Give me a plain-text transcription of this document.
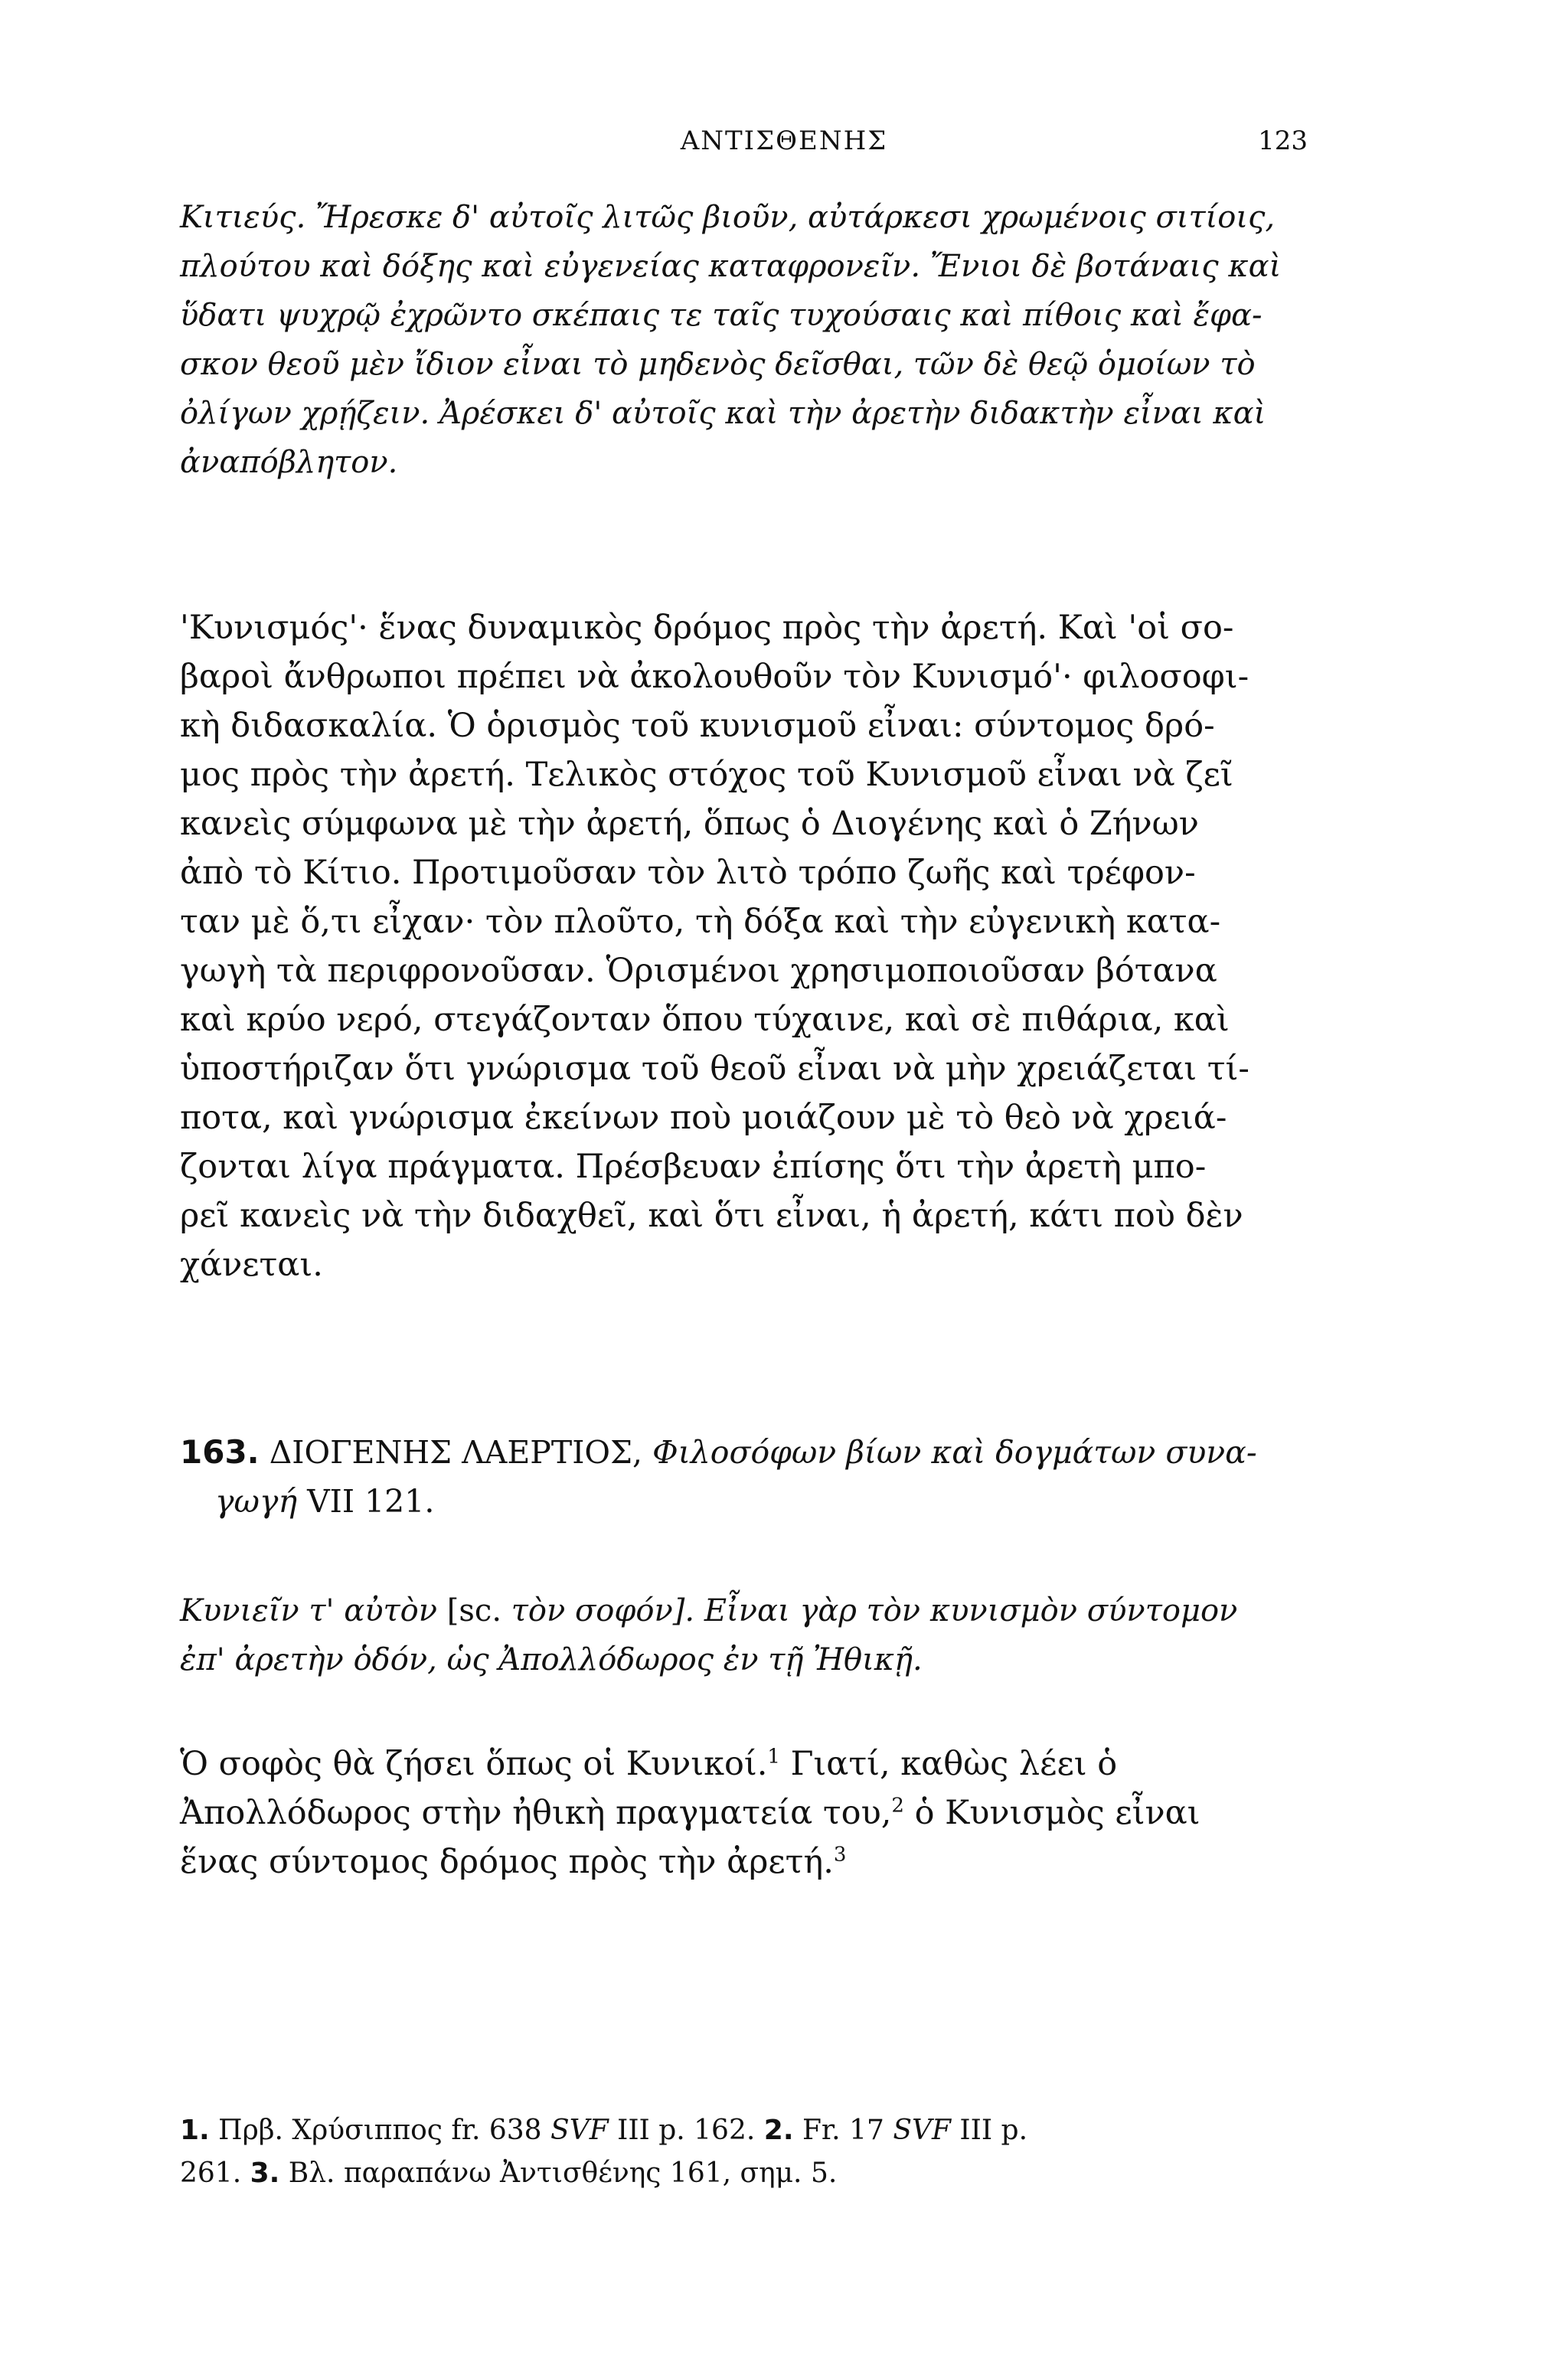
ΑΝΤΙΣΘΕΝΗΣ	123
Κιτιεύς. Ἤρεσκε δ' αὐτοῖς λιτῶς βιοῦν, αὐτάρκεσι χρωμένοις σιτίοις,
πλούτου καὶ δόξης καὶ εὐγενείας καταφρονεῖν. Ἔνιοι δὲ βοτάναις καὶ
ὕδατι ψυχρῷ ἐχρῶντο σκέπαις τε ταῖς τυχούσαις καὶ πίθοις καὶ ἔφα-
σκον θεοῦ μὲν ἴδιον εἶναι τὸ μηδενὸς δεῖσθαι, τῶν δὲ θεῷ ὁμοίων τὸ
ὀλίγων χρῄζειν. Ἀρέσκει δ' αὐτοῖς καὶ τὴν ἀρετὴν διδακτὴν εἶναι καὶ
ἀναπόβλητον.
'Κυνισμός'· ἕνας δυναμικὸς δρόμος πρὸς τὴν ἀρετή. Καὶ 'οἱ σο-
βαροὶ ἄνθρωποι πρέπει νὰ ἀκολουθοῦν τὸν Κυνισμό'· φιλοσοφι-
κὴ διδασκαλία. Ὁ ὁρισμὸς τοῦ κυνισμοῦ εἶναι: σύντομος δρό-
μος πρὸς τὴν ἀρετή. Τελικὸς στόχος τοῦ Κυνισμοῦ εἶναι νὰ ζεῖ
κανεὶς σύμφωνα μὲ τὴν ἀρετή, ὅπως ὁ Διογένης καὶ ὁ Ζήνων
ἀπὸ τὸ Κίτιο. Προτιμοῦσαν τὸν λιτὸ τρόπο ζωῆς καὶ τρέφον-
ταν μὲ ὅ,τι εἶχαν· τὸν πλοῦτο, τὴ δόξα καὶ τὴν εὐγενικὴ κατα-
γωγὴ τὰ περιφρονοῦσαν. Ὁρισμένοι χρησιμοποιοῦσαν βότανα
καὶ κρύο νερό, στεγάζονταν ὅπου τύχαινε, καὶ σὲ πιθάρια, καὶ
ὑποστήριζαν ὅτι γνώρισμα τοῦ θεοῦ εἶναι νὰ μὴν χρειάζεται τί-
ποτα, καὶ γνώρισμα ἐκείνων ποὺ μοιάζουν μὲ τὸ θεὸ νὰ χρειά-
ζονται λίγα πράγματα. Πρέσβευαν ἐπίσης ὅτι τὴν ἀρετὴ μπο-
ρεῖ κανεὶς νὰ τὴν διδαχθεῖ, καὶ ὅτι εἶναι, ἡ ἀρετή, κάτι ποὺ δὲν
χάνεται.
163. ΔΙΟΓΕΝΗΣ ΛΑΕΡΤΙΟΣ, Φιλοσόφων βίων καὶ δογμάτων συνα-
γωγή VII 121.
Κυνιεῖν τ' αὐτὸν [sc. τὸν σοφόν]. Εἶναι γὰρ τὸν κυνισμὸν σύντομον
ἐπ' ἀρετὴν ὁδόν, ὡς Ἀπολλόδωρος ἐν τῇ Ἠθικῇ.
Ὁ σοφὸς θὰ ζήσει ὅπως οἱ Κυνικοί.$^1$ Γιατί, καθὼς λέει ὁ
Ἀπολλόδωρος στὴν ἠθικὴ πραγματεία του,$^2$ ὁ Κυνισμὸς εἶναι
ἕνας σύντομος δρόμος πρὸς τὴν ἀρετή.$^3$
1. Πρβ. Χρύσιππος fr. 638 SVF III p. 162. 2. Fr. 17 SVF III p.
261. 3. Βλ. παραπάνω Ἀντισθένης 161, σημ. 5.
